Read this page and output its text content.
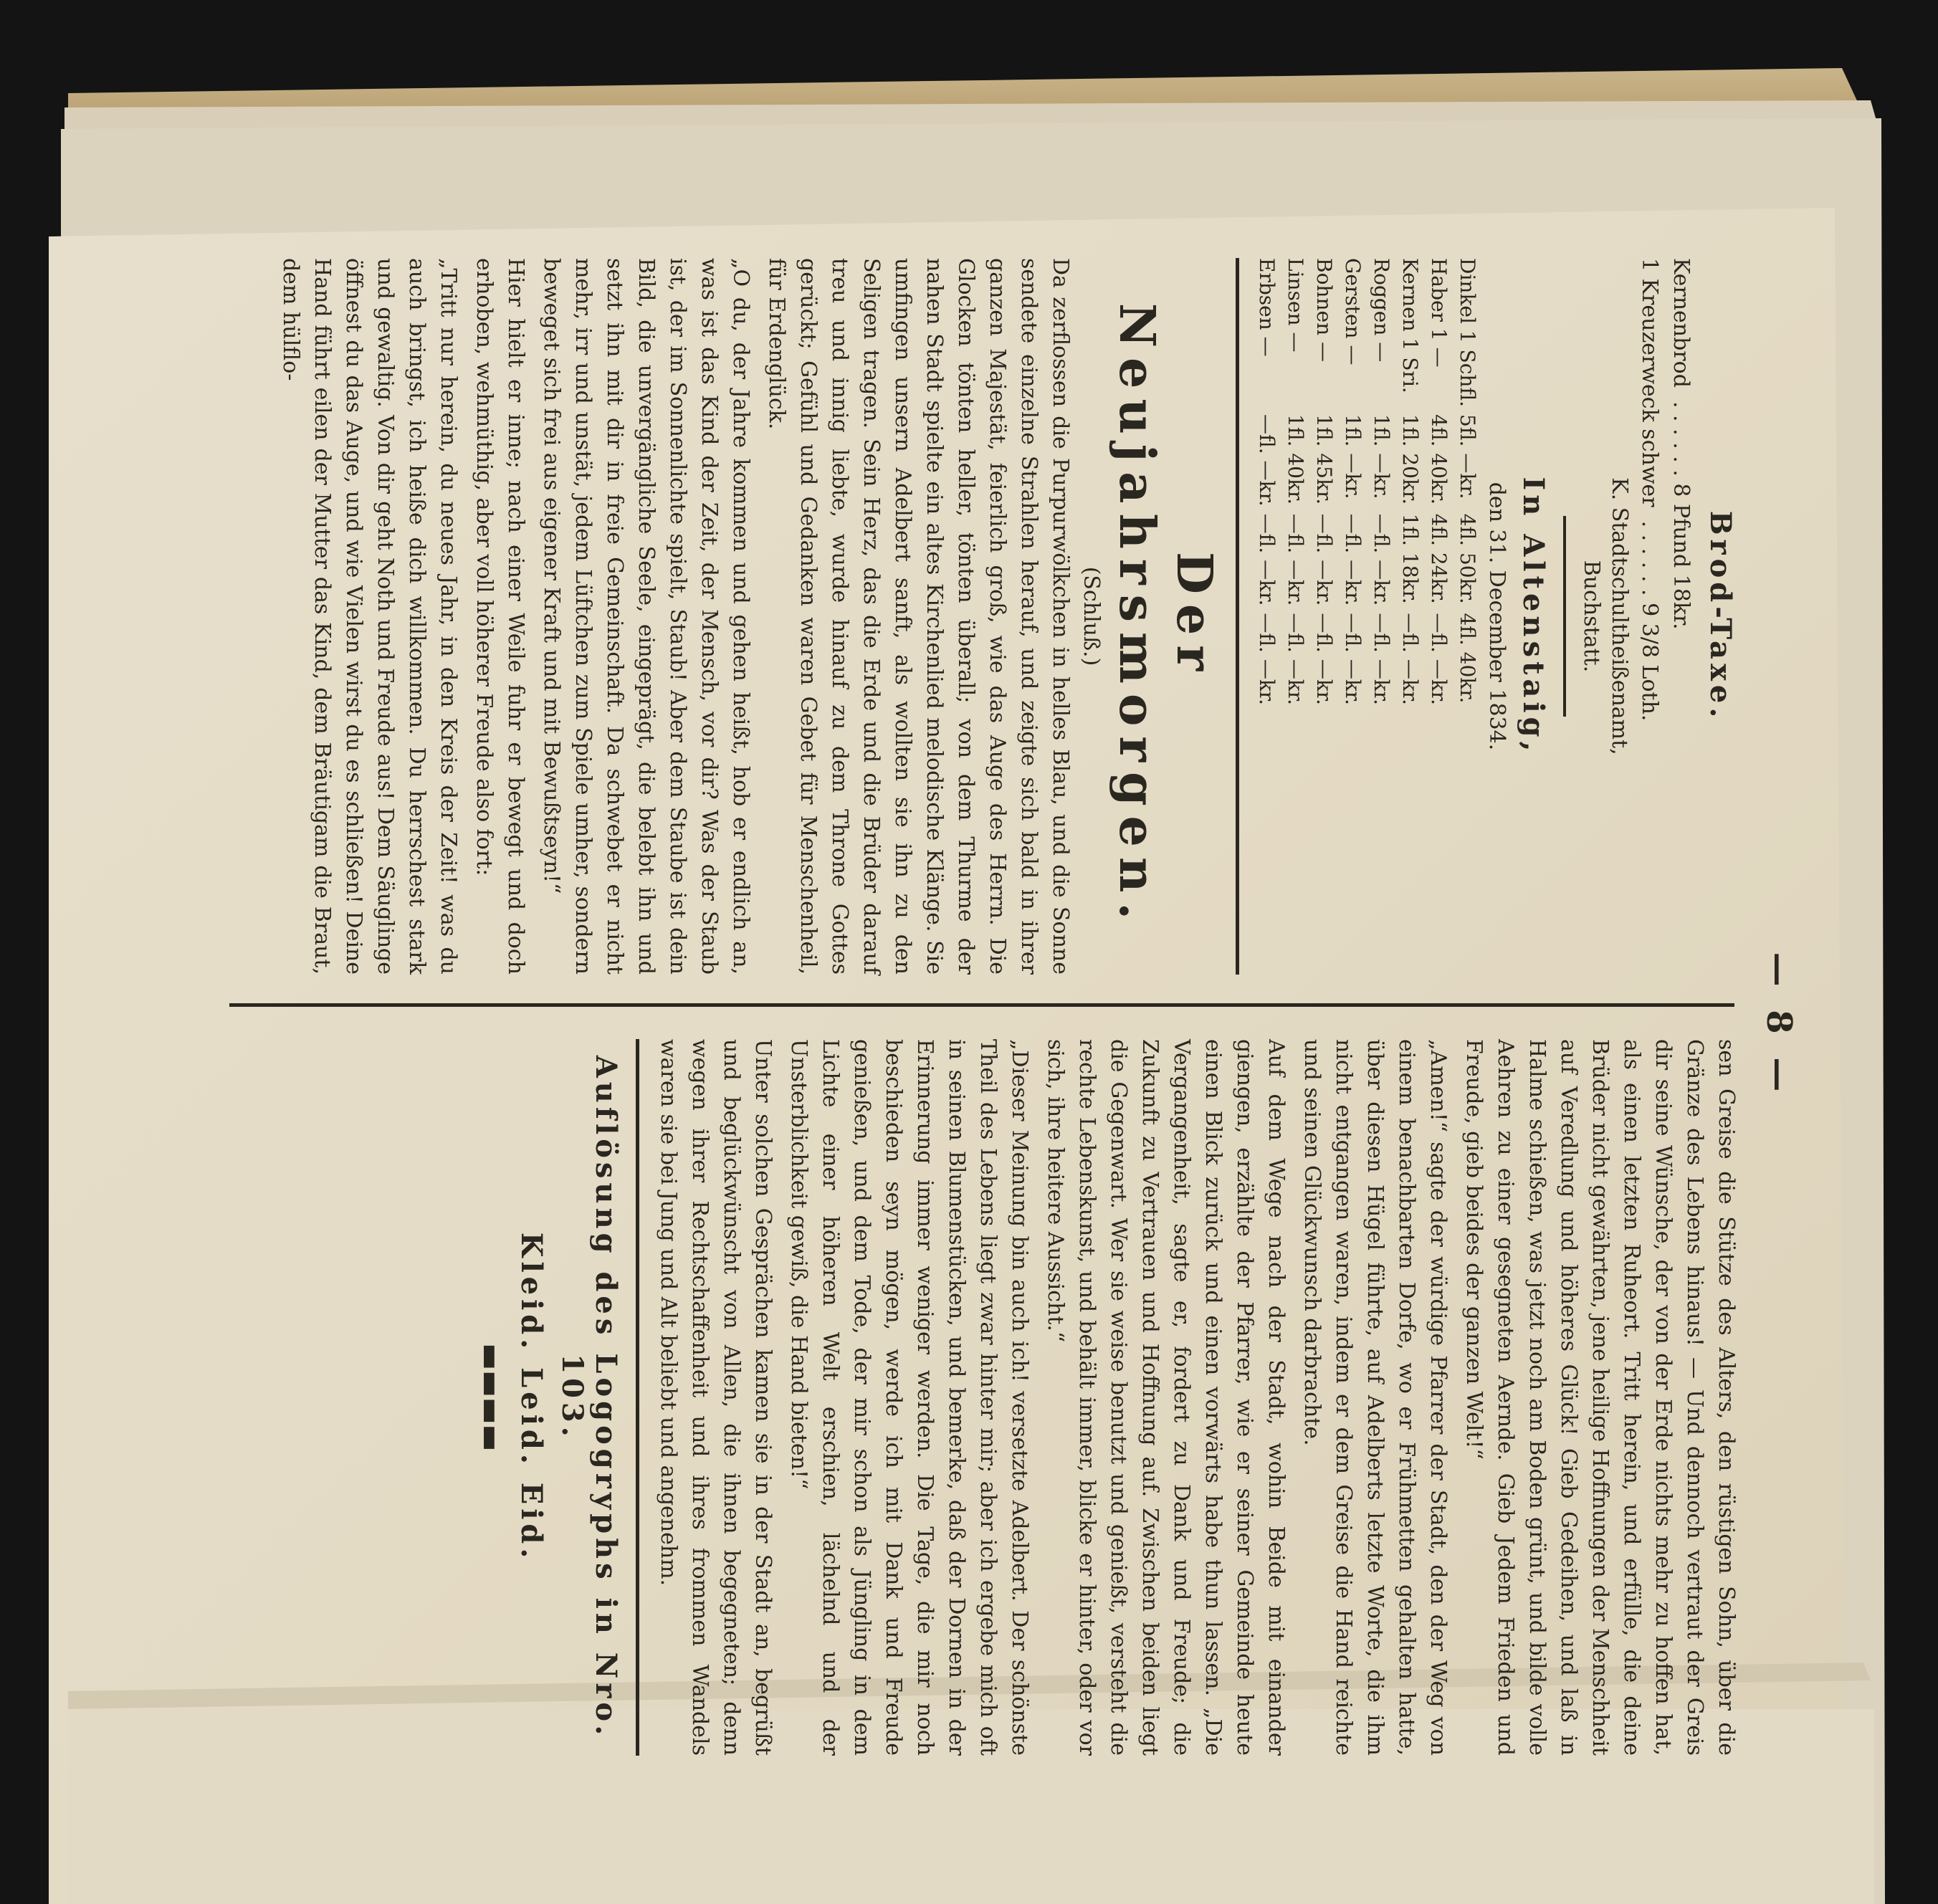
— 8 —
Brod-Taxe.

Kernenbrod  . . . . . . 8 Pfund 18kr.

1 Kreuzerweck schwer  . . . . . . 9 3/8 Loth.

K. Stadtschultheißenamt,
Buchstatt.
In Altenstaig,
den 31. December 1834.
Dinkel 1 Schfl.	5fl. —kr.	4fl. 50kr.	4fl. 40kr.
Haber 1 —	4fl. 40kr.	4fl. 24kr.	—fl. —kr.
Kernen 1 Sri.	1fl. 20kr.	1fl. 18kr.	—fl. —kr.
Roggen —	1fl. —kr.	—fl. —kr.	—fl. —kr.
Gersten —	1fl. —kr.	—fl. —kr.	—fl. —kr.
Bohnen —	1fl. 45kr.	—fl. —kr.	—fl. —kr.
Linsen —	1fl. 40kr.	—fl. —kr.	—fl. —kr.
Erbsen —	—fl. —kr.	—fl. —kr.	—fl. —kr.
Der Neujahrsmorgen.
(Schluß.)

Da zerflossen die Purpurwölkchen in helles Blau, und die Sonne sendete einzelne Strahlen herauf, und zeigte sich bald in ihrer ganzen Majestät, feierlich groß, wie das Auge des Herrn. Die Glocken tönten heller, tönten überall; von dem Thurme der nahen Stadt spielte ein altes Kirchenlied melodische Klänge. Sie umfingen unsern Adelbert sanft, als wollten sie ihn zu den Seligen tragen. Sein Herz, das die Erde und die Brüder darauf treu und innig liebte, wurde hinauf zu dem Throne Gottes gerückt; Gefühl und Gedanken waren Gebet für Menschenheil, für Erdenglück.

„O du, der Jahre kommen und gehen heißt, hob er endlich an, was ist das Kind der Zeit, der Mensch, vor dir? Was der Staub ist, der im Sonnenlichte spielt, Staub! Aber dem Staube ist dein Bild, die unvergängliche Seele, eingeprägt, die belebt ihn und setzt ihn mit dir in freie Gemeinschaft. Da schwebet er nicht mehr, irr und unstät, jedem Lüftchen zum Spiele umher, sondern beweget sich frei aus eigener Kraft und mit Bewußtseyn!“

Hier hielt er inne; nach einer Weile fuhr er bewegt und doch erhoben, wehmüthig, aber voll höherer Freude also fort:

„Tritt nur herein, du neues Jahr, in den Kreis der Zeit! was du auch bringst, ich heiße dich willkommen. Du herrschest stark und gewaltig. Von dir geht Noth und Freude aus! Dem Säuglinge öffnest du das Auge, und wie Vielen wirst du es schließen! Deine Hand führt eilen der Mutter das Kind, dem Bräutigam die Braut, dem hülflo-

sen Greise die Stütze des Alters, den rüstigen Sohn, über die Gränze des Lebens hinaus! — Und dennoch vertraut der Greis dir seine Wünsche, der von der Erde nichts mehr zu hoffen hat, als einen letzten Ruheort. Tritt herein, und erfülle, die deine Brüder nicht gewährten, jene heilige Hoffnungen der Menschheit auf Veredlung und höheres Glück! Gieb Gedeihen, und laß in Halme schießen, was jetzt noch am Boden grünt, und bilde volle Aehren zu einer gesegneten Aernde. Gieb Jedem Frieden und Freude, gieb beides der ganzen Welt!“

„Amen!“ sagte der würdige Pfarrer der Stadt, den der Weg von einem benachbarten Dorfe, wo er Frühmetten gehalten hatte, über diesen Hügel führte, auf Adelberts letzte Worte, die ihm nicht entgangen waren, indem er dem Greise die Hand reichte und seinen Glückwunsch darbrachte.

Auf dem Wege nach der Stadt, wohin Beide mit einander giengen, erzählte der Pfarrer, wie er seiner Gemeinde heute einen Blick zurück und einen vorwärts habe thun lassen. „Die Vergangenheit, sagte er, fordert zu Dank und Freude; die Zukunft zu Vertrauen und Hoffnung auf. Zwischen beiden liegt die Gegenwart. Wer sie weise benutzt und genießt, versteht die rechte Lebenskunst, und behält immer, blicke er hinter, oder vor sich, ihre heitere Aussicht.“

„Dieser Meinung bin auch ich! versetzte Adelbert. Der schönste Theil des Lebens liegt zwar hinter mir; aber ich ergebe mich oft in seinen Blumenstücken, und bemerke, daß der Dornen in der Erinnerung immer weniger werden. Die Tage, die mir noch beschieden seyn mögen, werde ich mit Dank und Freude genießen, und dem Tode, der mir schon als Jüngling in dem Lichte einer höheren Welt erschien, lächelnd und der Unsterblichkeit gewiß, die Hand bieten!“

Unter solchen Gesprächen kamen sie in der Stadt an, begrüßt und beglückwünscht von Allen, die ihnen begegneten; denn wegen ihrer Rechtschaffenheit und ihres frommen Wandels waren sie bei Jung und Alt beliebt und angenehm.

Auflösung des Logogryphs in Nro. 103.
Kleid. Leid. Eid.
▬▬▬▬
